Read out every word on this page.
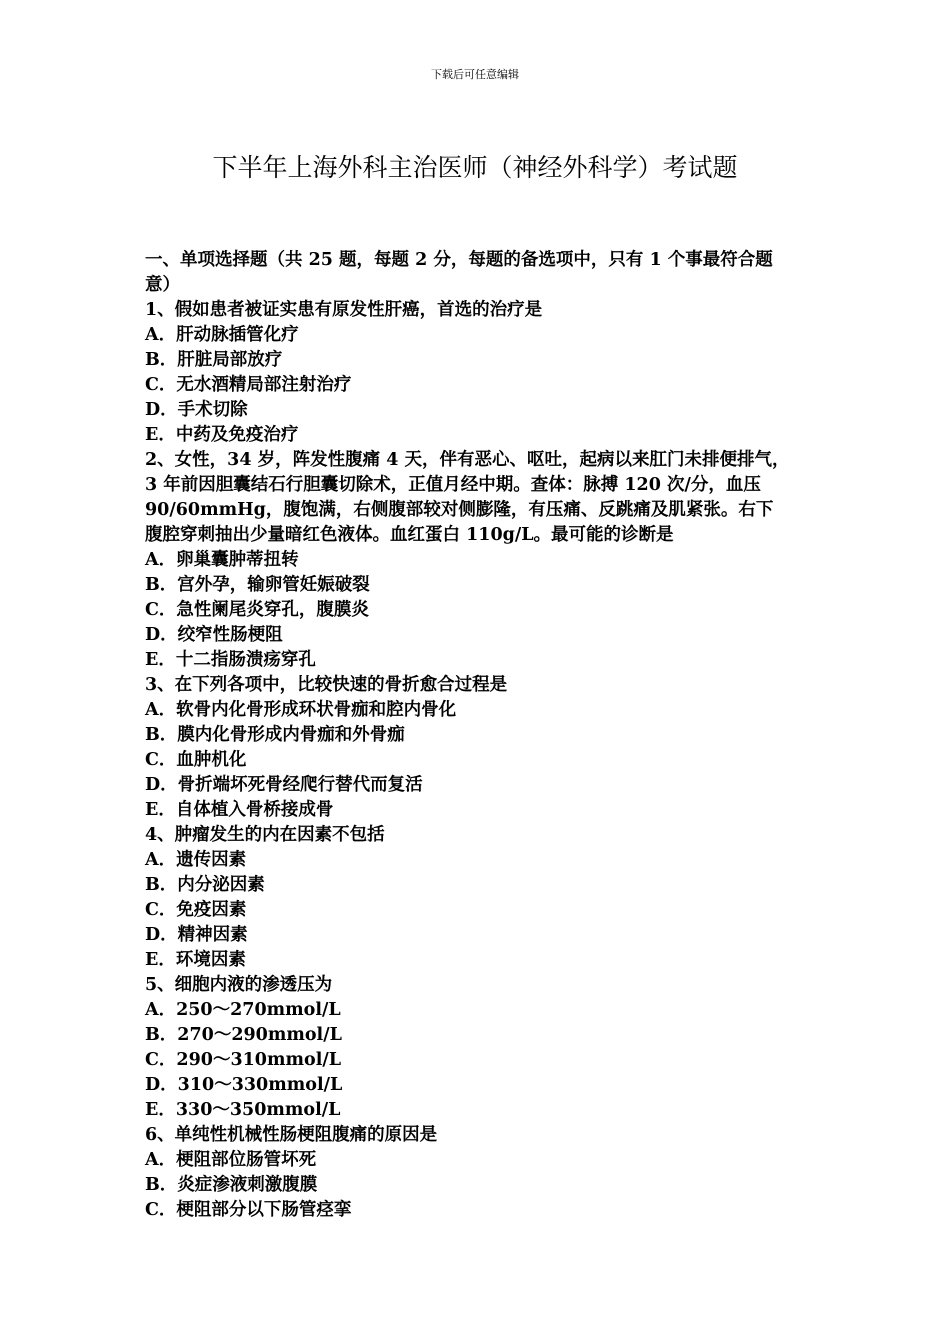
下载后可任意编辑
下半年上海外科主治医师（神经外科学）考试题
一、单项选择题（共 25 题，每题 2 分，每题的备选项中，只有 1 个事最符合题
意）
1、假如患者被证实患有原发性肝癌，首选的治疗是
A．肝动脉插管化疗
B．肝脏局部放疗
C．无水酒精局部注射治疗
D．手术切除
E．中药及免疫治疗
2、女性，34 岁，阵发性腹痛 4 天，伴有恶心、呕吐，起病以来肛门未排便排气，
3 年前因胆囊结石行胆囊切除术，正值月经中期。查体：脉搏 120 次/分，血压
90/60mmHg，腹饱满，右侧腹部较对侧膨隆，有压痛、反跳痛及肌紧张。右下
腹腔穿刺抽出少量暗红色液体。血红蛋白 110g/L。最可能的诊断是
A．卵巢囊肿蒂扭转
B．宫外孕，输卵管妊娠破裂
C．急性阑尾炎穿孔，腹膜炎
D．绞窄性肠梗阻
E．十二指肠溃疡穿孔
3、在下列各项中，比较快速的骨折愈合过程是
A．软骨内化骨形成环状骨痂和腔内骨化
B．膜内化骨形成内骨痂和外骨痂
C．血肿机化
D．骨折端坏死骨经爬行替代而复活
E．自体植入骨桥接成骨
4、肿瘤发生的内在因素不包括
A．遗传因素
B．内分泌因素
C．免疫因素
D．精神因素
E．环境因素
5、细胞内液的渗透压为
A．250～270mmol/L
B．270～290mmol/L
C．290～310mmol/L
D．310～330mmol/L
E．330～350mmol/L
6、单纯性机械性肠梗阻腹痛的原因是
A．梗阻部位肠管坏死
B．炎症渗液刺激腹膜
C．梗阻部分以下肠管痉挛
